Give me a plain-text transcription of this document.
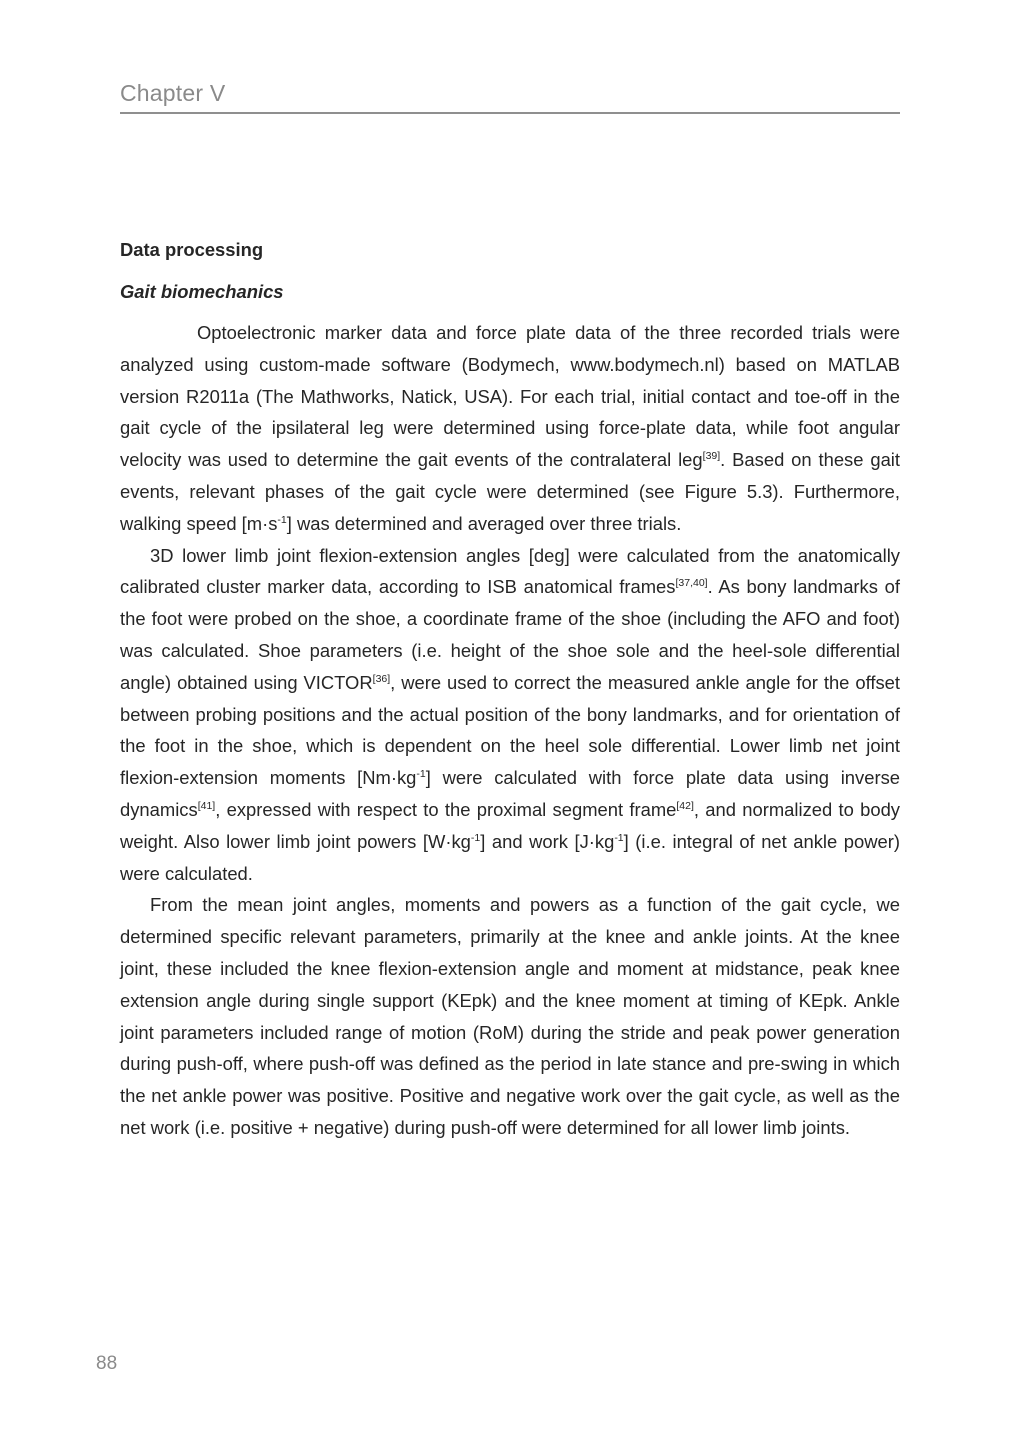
Chapter V
Data processing
Gait biomechanics

Optoelectronic marker data and force plate data of the three recorded trials were analyzed using custom-made software (Bodymech, www.bodymech.nl) based on MATLAB version R2011a (The Mathworks, Natick, USA). For each trial, initial contact and toe-off in the gait cycle of the ipsilateral leg were determined using force-plate data, while foot angular velocity was used to determine the gait events of the contralateral leg[39]. Based on these gait events, relevant phases of the gait cycle were determined (see Figure 5.3). Furthermore, walking speed $[m\cdot s^{-1}]$ was determined and averaged over three trials.

3D lower limb joint flexion-extension angles [deg] were calculated from the anatomically calibrated cluster marker data, according to ISB anatomical frames[37,40]. As bony landmarks of the foot were probed on the shoe, a coordinate frame of the shoe (including the AFO and foot) was calculated. Shoe parameters (i.e. height of the shoe sole and the heel-sole differential angle) obtained using VICTOR[36], were used to correct the measured ankle angle for the offset between probing positions and the actual position of the bony landmarks, and for orientation of the foot in the shoe, which is dependent on the heel sole differential. Lower limb net joint flexion-extension moments $[Nm\cdot kg^{-1}]$ were calculated with force plate data using inverse dynamics[41], expressed with respect to the proximal segment frame[42], and normalized to body weight. Also lower limb joint powers $[W\cdot kg^{-1}]$ and work $[J\cdot kg^{-1}]$ (i.e. integral of net ankle power) were calculated.

From the mean joint angles, moments and powers as a function of the gait cycle, we determined specific relevant parameters, primarily at the knee and ankle joints. At the knee joint, these included the knee flexion-extension angle and moment at midstance, peak knee extension angle during single support (KEpk) and the knee moment at timing of KEpk. Ankle joint parameters included range of motion (RoM) during the stride and peak power generation during push-off, where push-off was defined as the period in late stance and pre-swing in which the net ankle power was positive. Positive and negative work over the gait cycle, as well as the net work (i.e. positive + negative) during push-off were determined for all lower limb joints.

88
